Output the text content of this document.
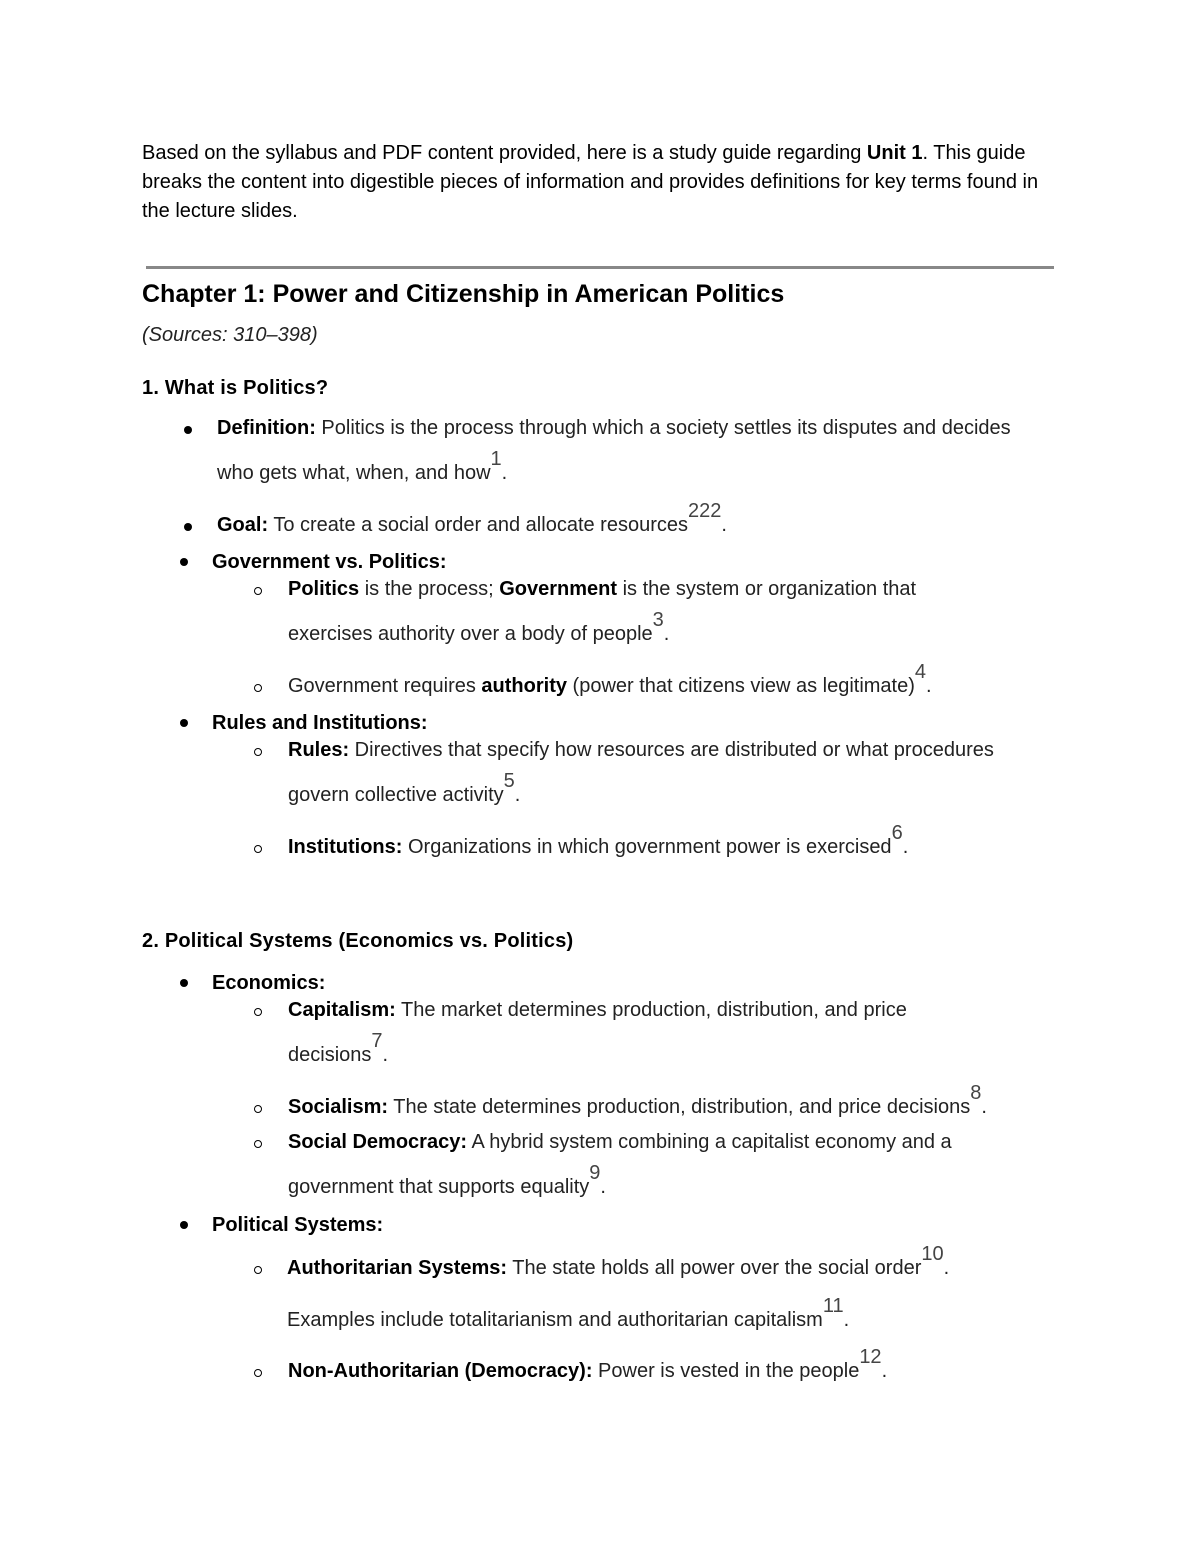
Based on the syllabus and PDF content provided, here is a study guide regarding Unit 1. This guide breaks the content into digestible pieces of information and provides definitions for key terms found in the lecture slides.
Chapter 1: Power and Citizenship in American Politics
(Sources: 310–398)
1. What is Politics?
Definition: Politics is the process through which a society settles its disputes and decides who gets what, when, and how$^1$.
Goal: To create a social order and allocate resources$^{222}$.
Government vs. Politics:
Politics is the process; Government is the system or organization that exercises authority over a body of people$^3$.
Government requires authority (power that citizens view as legitimate)$^4$.
Rules and Institutions:
Rules: Directives that specify how resources are distributed or what procedures govern collective activity$^5$.
Institutions: Organizations in which government power is exercised$^6$.
2. Political Systems (Economics vs. Politics)
Economics:
Capitalism: The market determines production, distribution, and price decisions$^7$.
Socialism: The state determines production, distribution, and price decisions$^8$.
Social Democracy: A hybrid system combining a capitalist economy and a government that supports equality$^9$.
Political Systems:
Authoritarian Systems: The state holds all power over the social order$^{10}$.
Examples include totalitarianism and authoritarian capitalism$^{11}$.
Non-Authoritarian (Democracy): Power is vested in the people$^{12}$.
